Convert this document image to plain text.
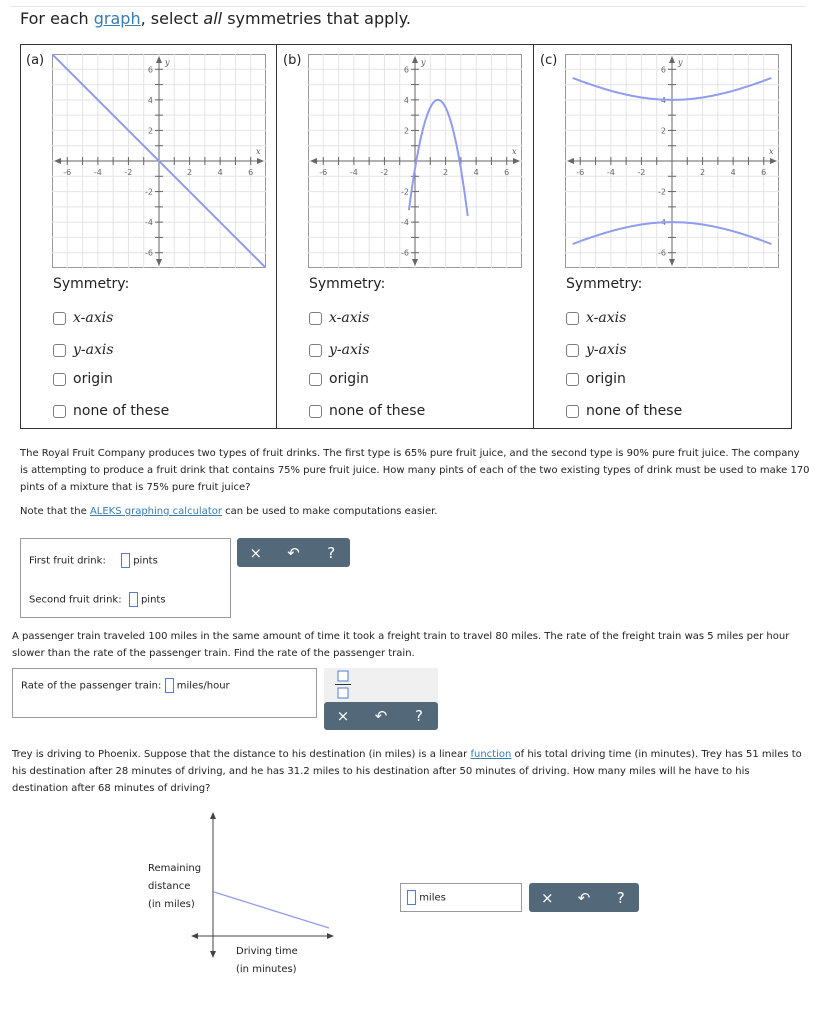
For each graph, select all symmetries that apply.
(a)	(b)	(c)
-6	-4	-2	2	4	6
6
4
2
-2
-4
-6
x
y
-6	-4	-2	2	4	6
6
4
2
-2
-4
-6
x
y
-6	-4	-2	2	4	6
6
4
2
-2
-4
-6
x
y
Symmetry:
x-axis
y-axis
origin
none of these
Symmetry:
x-axis
y-axis
origin
none of these
Symmetry:
x-axis
y-axis
origin
none of these
The Royal Fruit Company produces two types of fruit drinks. The first type is 65% pure fruit juice, and the second type is 90% pure fruit juice. The company is attempting to produce a fruit drink that contains 75% pure fruit juice. How many pints of each of the two existing types of drink must be used to make 170 pints of a mixture that is 75% pure fruit juice?
Note that the ALEKS graphing calculator can be used to make computations easier.
First fruit drink:	pints
Second fruit drink: pints
×	↶	?
A passenger train traveled 100 miles in the same amount of time it took a freight train to travel 80 miles. The rate of the freight train was 5 miles per hour slower than the rate of the passenger train. Find the rate of the passenger train.
Rate of the passenger train: miles/hour
×	↶	?
Trey is driving to Phoenix. Suppose that the distance to his destination (in miles) is a linear function of his total driving time (in minutes). Trey has 51 miles to his destination after 28 minutes of driving, and he has 31.2 miles to his destination after 50 minutes of driving. How many miles will he have to his destination after 68 minutes of driving?
Remaining
distance
(in miles)
Driving time
(in minutes)
miles	×	↶	?
